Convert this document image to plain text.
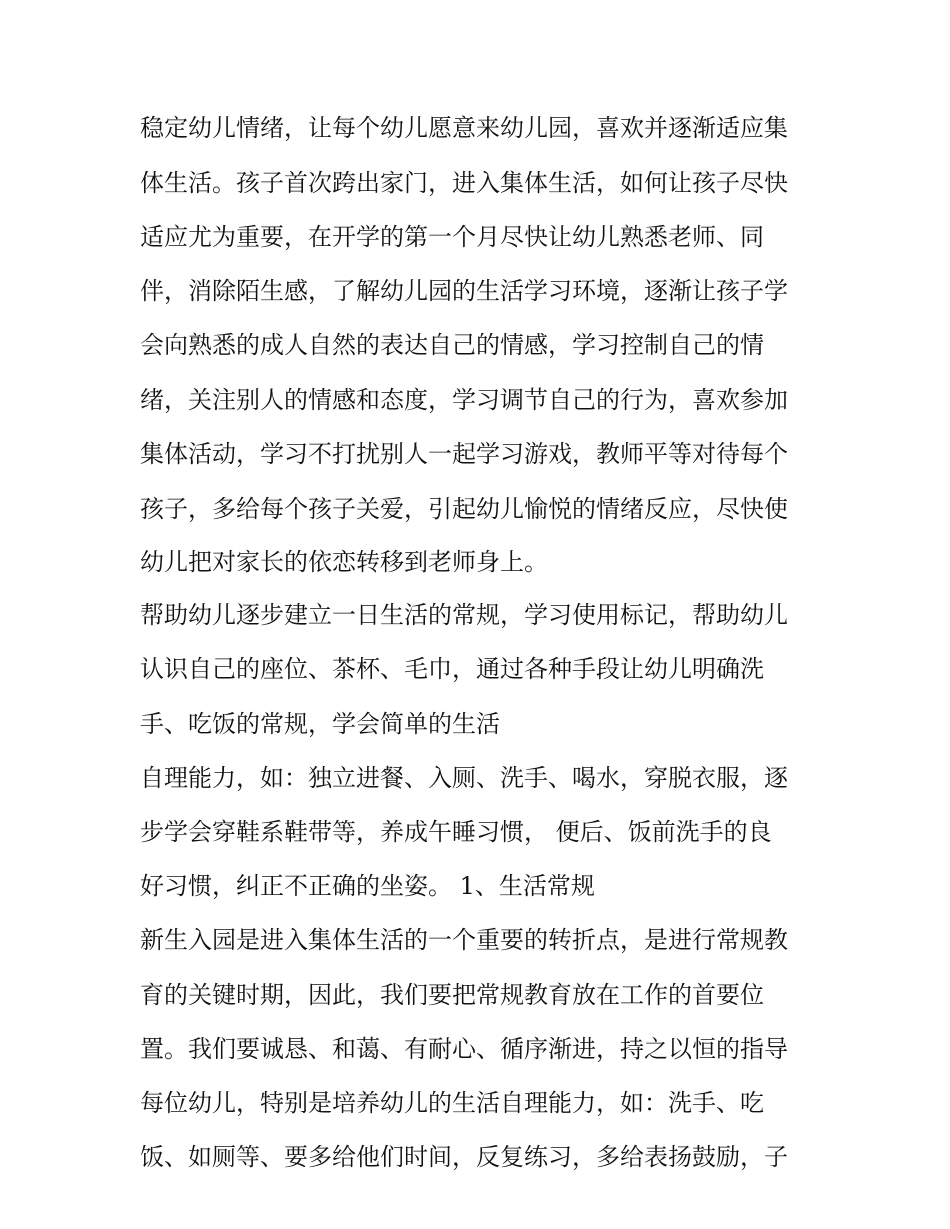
稳定幼儿情绪，让每个幼儿愿意来幼儿园，喜欢并逐渐适应集
体生活。孩子首次跨出家门，进入集体生活，如何让孩子尽快
适应尤为重要，在开学的第一个月尽快让幼儿熟悉老师、同
伴，消除陌生感，了解幼儿园的生活学习环境，逐渐让孩子学
会向熟悉的成人自然的表达自己的情感，学习控制自己的情
绪，关注别人的情感和态度，学习调节自己的行为，喜欢参加
集体活动，学习不打扰别人一起学习游戏，教师平等对待每个
孩子，多给每个孩子关爱，引起幼儿愉悦的情绪反应，尽快使
幼儿把对家长的依恋转移到老师身上。
帮助幼儿逐步建立一日生活的常规，学习使用标记，帮助幼儿
认识自己的座位、茶杯、毛巾，通过各种手段让幼儿明确洗
手、吃饭的常规，学会简单的生活
自理能力，如：独立进餐、入厕、洗手、喝水，穿脱衣服，逐
步学会穿鞋系鞋带等，养成午睡习惯， 便后、饭前洗手的良
好习惯，纠正不正确的坐姿。 1、生活常规
新生入园是进入集体生活的一个重要的转折点，是进行常规教
育的关键时期，因此，我们要把常规教育放在工作的首要位
置。我们要诚恳、和蔼、有耐心、循序渐进，持之以恒的指导
每位幼儿，特别是培养幼儿的生活自理能力，如：洗手、吃
饭、如厕等、要多给他们时间，反复练习，多给表扬鼓励，子
